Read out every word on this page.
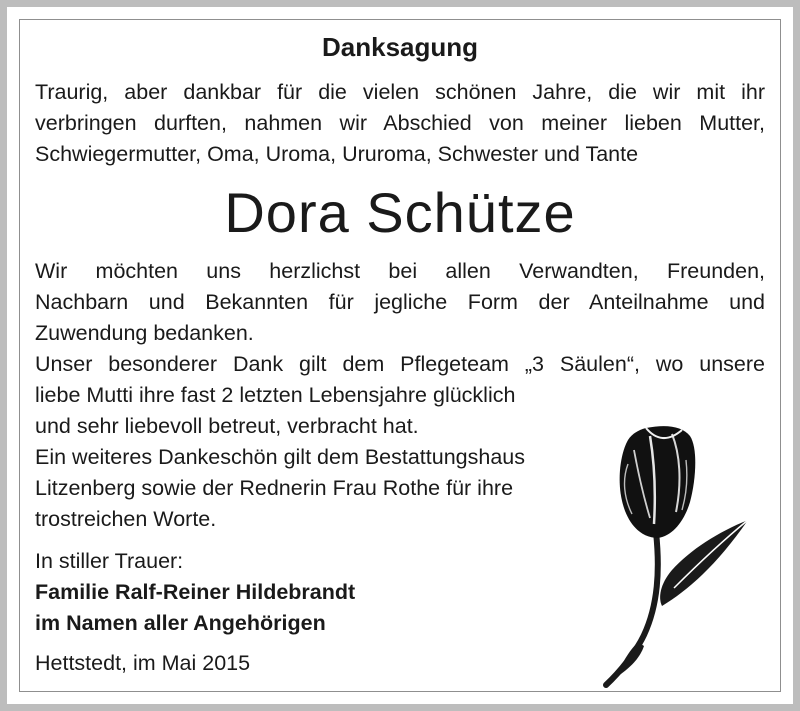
Danksagung
Traurig, aber dankbar für die vielen schönen Jahre, die wir mit ihr
verbringen durften, nahmen wir Abschied von meiner lieben Mutter,
Schwiegermutter, Oma, Uroma, Ururoma, Schwester und Tante
Dora Schütze
Wir möchten uns herzlichst bei allen Verwandten, Freunden,
Nachbarn und Bekannten für jegliche Form der Anteilnahme und
Zuwendung bedanken.
Unser besonderer Dank gilt dem Pflegeteam „3 Säulen“, wo unsere
liebe Mutti ihre fast 2 letzten Lebensjahre glücklich
und sehr liebevoll betreut, verbracht hat.
Ein weiteres Dankeschön gilt dem Bestattungshaus
Litzenberg sowie der Rednerin Frau Rothe für ihre
trostreichen Worte.
In stiller Trauer:
Familie Ralf-Reiner Hildebrandt
im Namen aller Angehörigen
Hettstedt, im Mai 2015
